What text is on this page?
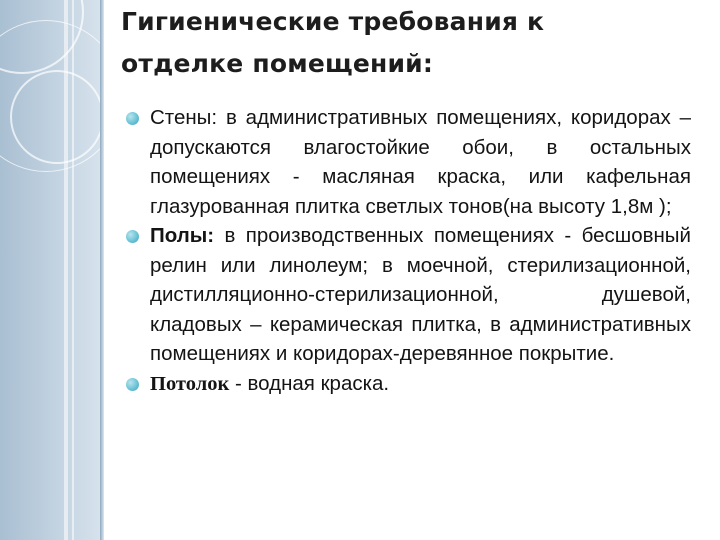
Гигиенические требования к
отделке помещений:
Стены: в административных помещениях, коридорах –допускаются влагостойкие обои, в остальных помещениях - масляная краска, или кафельная глазурованная плитка светлых тонов(на высоту 1,8м );
Полы: в производственных помещениях - бесшовный релин или линолеум; в моечной, стерилизационной, дистилляционно-стерилизационной, душевой, кладовых – керамическая плитка, в административных помещениях и коридорах-деревянное покрытие.
Потолок - водная краска.
